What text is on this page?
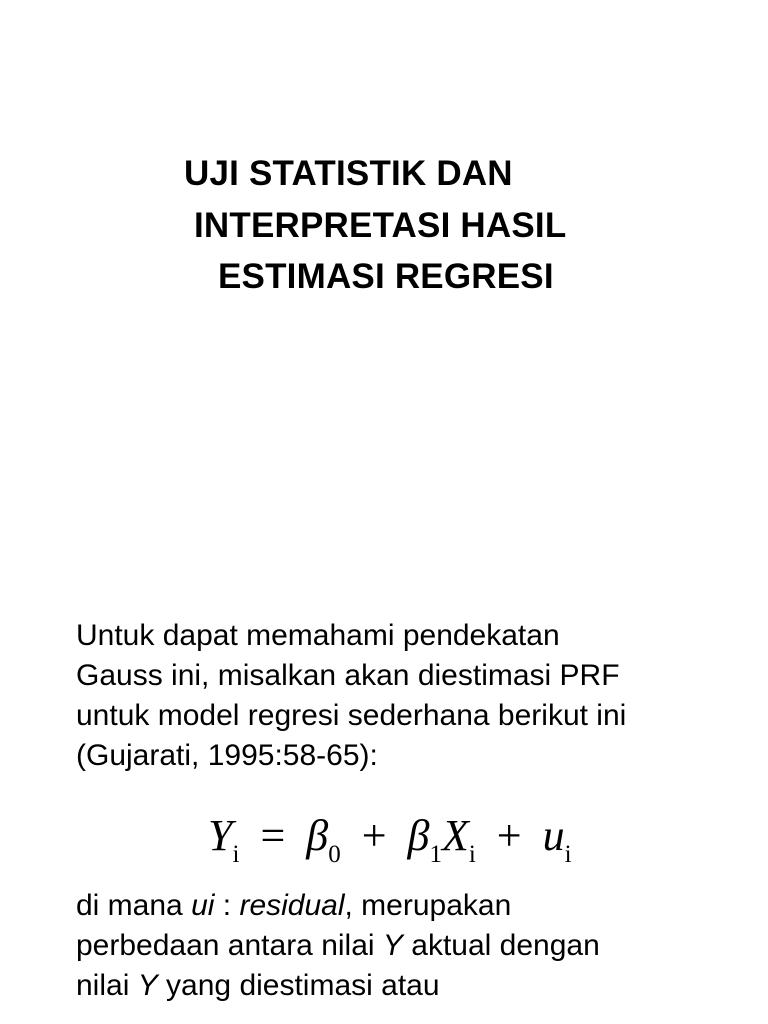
UJI STATISTIK DAN
INTERPRETASI HASIL
ESTIMASI REGRESI
Untuk dapat memahami pendekatan
Gauss ini, misalkan akan diestimasi PRF
untuk model regresi sederhana berikut ini
(Gujarati, 1995:58-65):
$Y_i = \beta_0 + \beta_1X_i + u_i$
di mana ui : residual, merupakan
perbedaan antara nilai Y aktual dengan
nilai Y yang diestimasi atau
